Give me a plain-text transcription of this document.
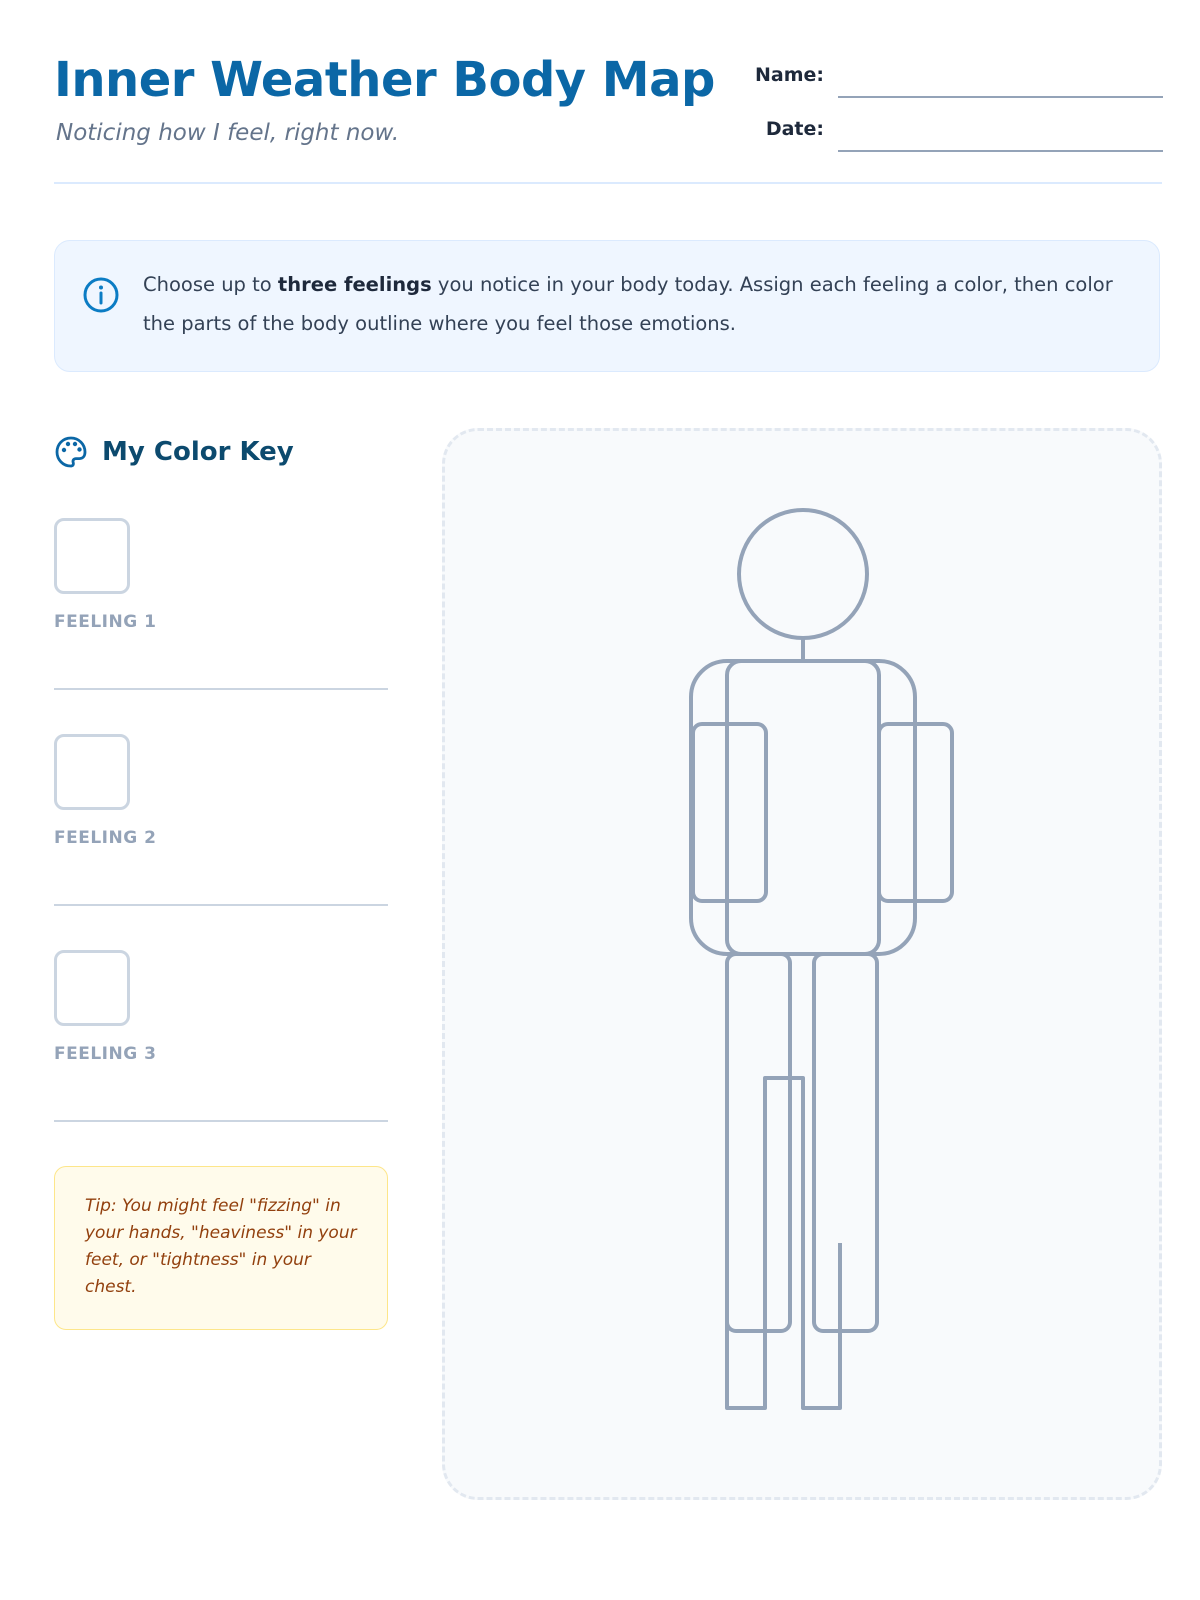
Inner Weather Body Map
Noticing how I feel, right now.
Name:
Date:
Choose up to three feelings you notice in your body today. Assign each feeling a color, then color the parts of the body outline where you feel those emotions.
My Color Key
FEELING 1
FEELING 2
FEELING 3
Tip: You might feel "fizzing" in your hands, "heaviness" in your feet, or "tightness" in your chest.
